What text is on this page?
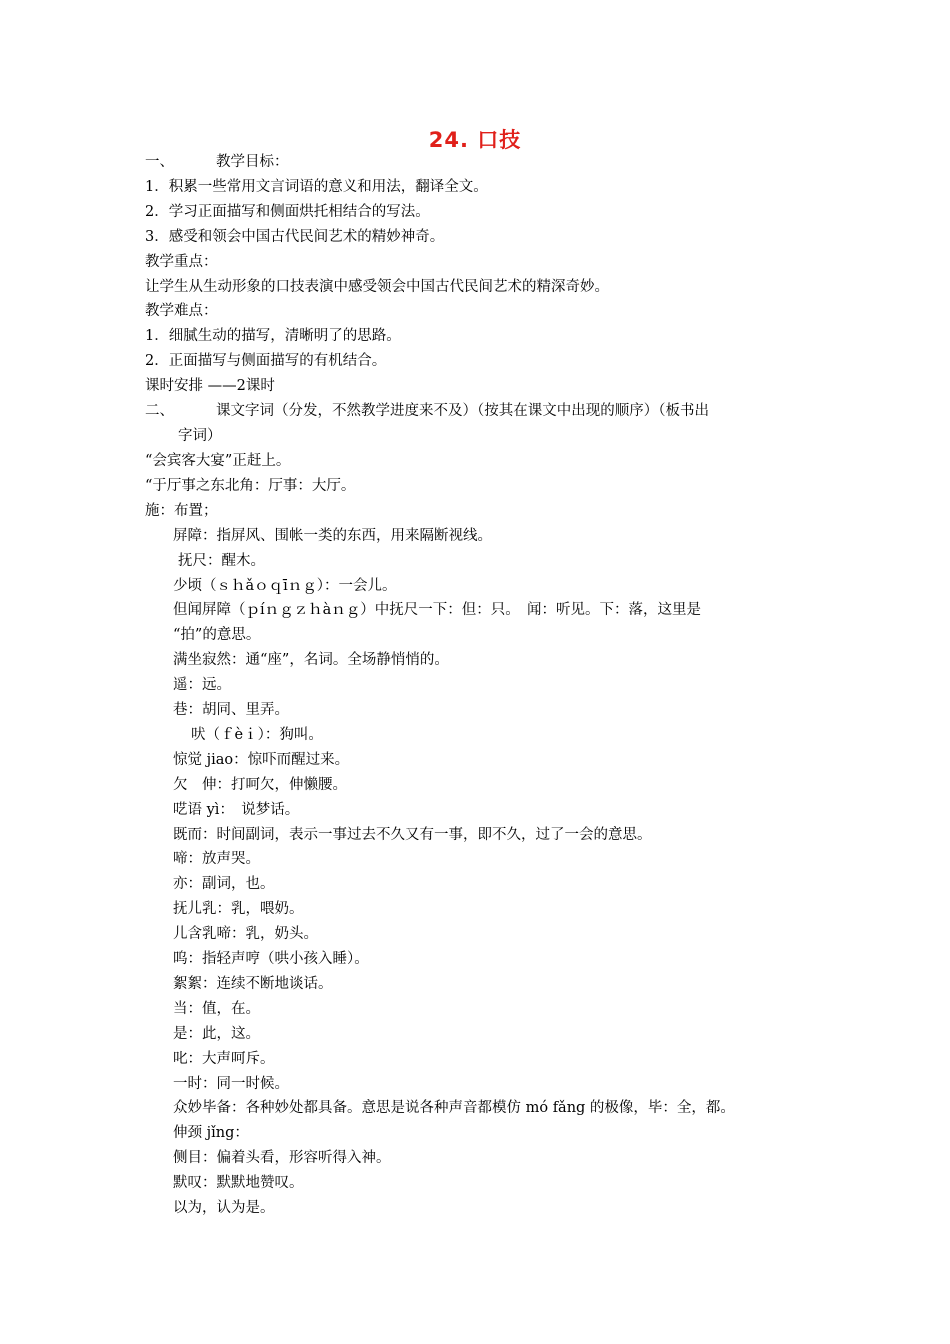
24. 口技
一、	教学目标：
1．积累一些常用文言词语的意义和用法，翻译全文。
2．学习正面描写和侧面烘托相结合的写法。
3．感受和领会中国古代民间艺术的精妙神奇。
教学重点：
让学生从生动形象的口技表演中感受领会中国古代民间艺术的精深奇妙。
教学难点：
1．细腻生动的描写，清晰明了的思路。
2．正面描写与侧面描写的有机结合。
课时安排 ——2课时
二、	课文字词（分发，不然教学进度来不及）（按其在课文中出现的顺序）（板书出
字词）
“会宾客大宴”正赶上。
“于厅事之东北角：厅事：大厅。
施：布置；
屏障：指屏风、围帐一类的东西，用来隔断视线。
抚尺：醒木。
少顷（ｓｈǎｏｑīｎｇ）：一会儿。
但闻屏障（ｐíｎｇｚｈàｎｇ）中抚尺一下：但：只。　闻：听见。下：落，这里是
“拍”的意思。
满坐寂然：通“座”，名词。全场静悄悄的。
遥：远。
巷：胡同、里弄。
吠（ｆèｉ）：狗叫。
惊觉 jiao：惊吓而醒过来。
欠　伸：打呵欠，伸懒腰。
呓语 yì：　说梦话。
既而：时间副词，表示一事过去不久又有一事，即不久，过了一会的意思。
啼：放声哭。
亦：副词，也。
抚儿乳：乳，喂奶。
儿含乳啼：乳，奶头。
呜：指轻声哼（哄小孩入睡）。
絮絮：连续不断地谈话。
当：值，在。
是：此，这。
叱：大声呵斥。
一时：同一时候。
众妙毕备：各种妙处都具备。意思是说各种声音都模仿 mó fǎng 的极像，毕：全，都。
伸颈 jǐng：
侧目：偏着头看，形容听得入神。
默叹：默默地赞叹。
以为，认为是。
